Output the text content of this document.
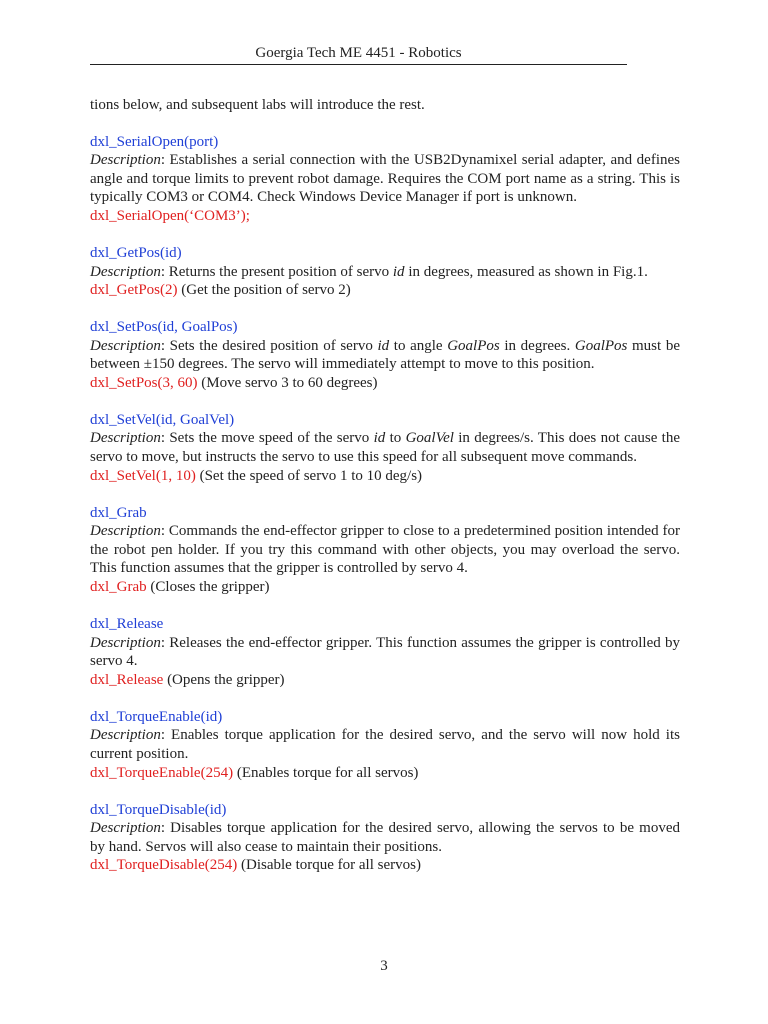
Goergia Tech ME 4451 - Robotics
tions below, and subsequent labs will introduce the rest.
dxl_SerialOpen(port)
Description: Establishes a serial connection with the USB2Dynamixel serial adapter, and defines angle and torque limits to prevent robot damage. Requires the COM port name as a string. This is typically COM3 or COM4. Check Windows Device Manager if port is unknown.
dxl_SerialOpen(‘COM3’);
dxl_GetPos(id)
Description: Returns the present position of servo id in degrees, measured as shown in Fig.1.
dxl_GetPos(2) (Get the position of servo 2)
dxl_SetPos(id, GoalPos)
Description: Sets the desired position of servo id to angle GoalPos in degrees. GoalPos must be between ±150 degrees. The servo will immediately attempt to move to this position.
dxl_SetPos(3, 60) (Move servo 3 to 60 degrees)
dxl_SetVel(id, GoalVel)
Description: Sets the move speed of the servo id to GoalVel in degrees/s. This does not cause the servo to move, but instructs the servo to use this speed for all subsequent move commands.
dxl_SetVel(1, 10) (Set the speed of servo 1 to 10 deg/s)
dxl_Grab
Description: Commands the end-effector gripper to close to a predetermined position intended for the robot pen holder. If you try this command with other objects, you may overload the servo. This function assumes that the gripper is controlled by servo 4.
dxl_Grab (Closes the gripper)
dxl_Release
Description: Releases the end-effector gripper. This function assumes the gripper is controlled by servo 4.
dxl_Release (Opens the gripper)
dxl_TorqueEnable(id)
Description: Enables torque application for the desired servo, and the servo will now hold its current position.
dxl_TorqueEnable(254) (Enables torque for all servos)
dxl_TorqueDisable(id)
Description: Disables torque application for the desired servo, allowing the servos to be moved by hand. Servos will also cease to maintain their positions.
dxl_TorqueDisable(254) (Disable torque for all servos)
3
